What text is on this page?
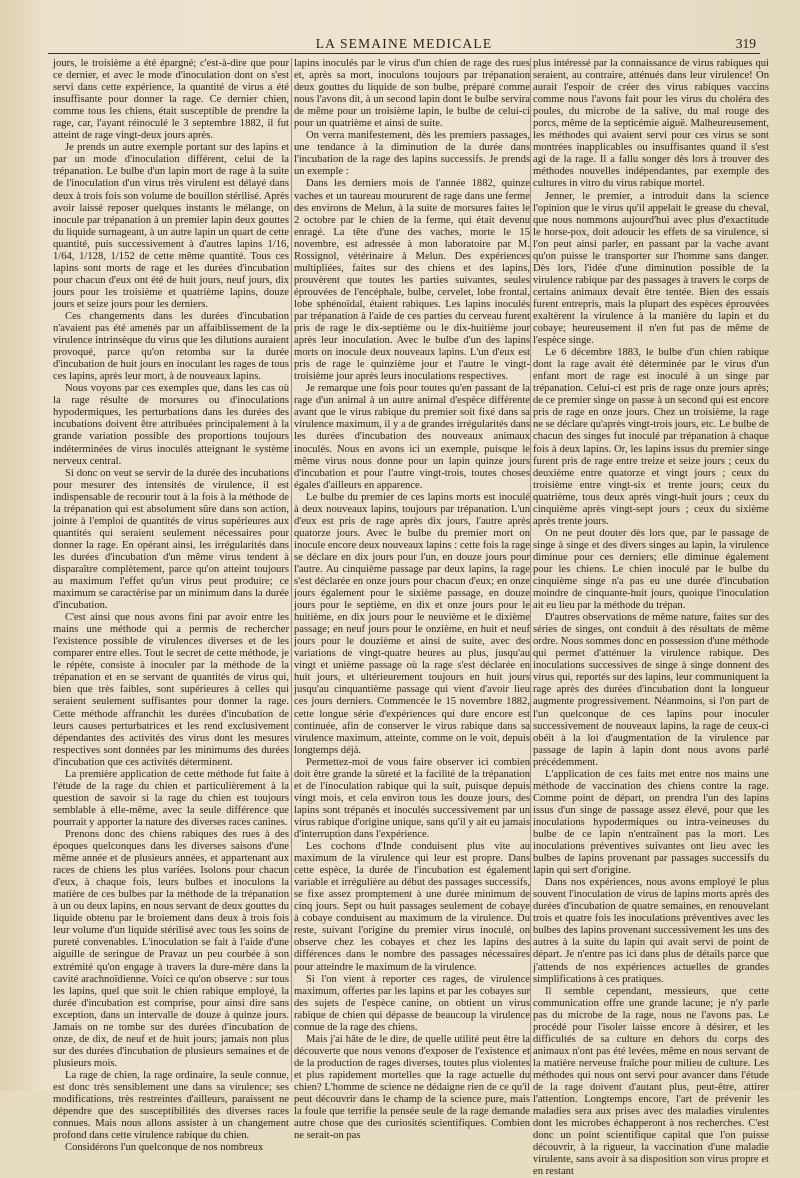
LA SEMAINE MEDICALE	319

jours, le troisième a été épargné; c'est-à-dire que pour ce dernier, et avec le mode d'inoculation dont on s'est servi dans cette expérience, la quantité de virus a été insuffisante pour donner la rage. Ce dernier chien, comme tous les chiens, était susceptible de prendre la rage, car, l'ayant réinoculé le 3 septembre 1882, il fut atteint de rage vingt-deux jours après.

Je prends un autre exemple portant sur des lapins et par un mode d'inoculation différent, celui de la trépanation. Le bulbe d'un lapin mort de rage à la suite de l'inoculation d'un virus très virulent est délayé dans deux à trois fois son volume de bouillon stérilisé. Après avoir laissé reposer quelques instants le mélange, on inocule par trépanation à un premier lapin deux gouttes du liquide surnageant, à un autre lapin un quart de cette quantité, puis successivement à d'autres lapins 1/16, 1/64, 1/128, 1/152 de cette même quantité. Tous ces lapins sont morts de rage et les durées d'incubation pour chacun d'eux ont été de huit jours, neuf jours, dix jours pour les troisième et quatrième lapins, douze jours et seize jours pour les derniers.

Ces changements dans les durées d'incubation n'avaient pas été amenés par un affaiblissement de la virulence intrinsèque du virus que les dilutions auraient provoqué, parce qu'on retomba sur la durée d'incubation de huit jours en inoculant les rages de tous ces lapins, après leur mort, à de nouveaux lapins.

Nous voyons par ces exemples que, dans les cas où la rage résulte de morsures ou d'inoculations hypodermiques, les perturbations dans les durées des incubations doivent être attribuées principalement à la grande variation possible des proportions toujours indéterminées de virus inoculés atteignant le système nerveux central.

Si donc on veut se servir de la durée des incubations pour mesurer des intensités de virulence, il est indispensable de recourir tout à la fois à la méthode de la trépanation qui est absolument sûre dans son action, jointe à l'emploi de quantités de virus supérieures aux quantités qui seraient seulement nécessaires pour donner la rage. En opérant ainsi, les irrégularités dans les durées d'incubation d'un même virus tendent à disparaître complètement, parce qu'on atteint toujours au maximum l'effet qu'un virus peut produire; ce maximum se caractérise par un minimum dans la durée d'incubation.

C'est ainsi que nous avons fini par avoir entre les mains une méthode qui a permis de rechercher l'existence possible de virulences diverses et de les comparer entre elles. Tout le secret de cette méthode, je le répète, consiste à inoculer par la méthode de la trépanation et en se servant de quantités de virus qui, bien que très faibles, sont supérieures à celles qui seraient seulement suffisantes pour donner la rage. Cette méthode affranchit les durées d'incubation de leurs causes perturbatrices et les rend exclusivement dépendantes des activités des virus dont les mesures respectives sont données par les minimums des durées d'incubation que ces activités déterminent.

La première application de cette méthode fut faite à l'étude de la rage du chien et particulièrement à la question de savoir si la rage du chien est toujours semblable à elle-même, avec la seule différence que pourrait y apporter la nature des diverses races canines.

Prenons donc des chiens rabiques des rues à des époques quelconques dans les diverses saisons d'une même année et de plusieurs années, et appartenant aux races de chiens les plus variées. Isolons pour chacun d'eux, à chaque fois, leurs bulbes et inoculons la matière de ces bulbes par la méthode de la trépanation à un ou deux lapins, en nous servant de deux gouttes du liquide obtenu par le broiement dans deux à trois fois leur volume d'un liquide stérilisé avec tous les soins de pureté convenables. L'inoculation se fait à l'aide d'une aiguille de seringue de Pravaz un peu courbée à son extrémité qu'on engage à travers la dure-mère dans la cavité arachnoïdienne. Voici ce qu'on observe : sur tous les lapins, quel que soit le chien rabique employé, la durée d'incubation est comprise, pour ainsi dire sans exception, dans un intervalle de douze à quinze jours. Jamais on ne tombe sur des durées d'incubation de onze, de dix, de neuf et de huit jours; jamais non plus sur des durées d'incubation de plusieurs semaines et de plusieurs mois.

La rage de chien, la rage ordinaire, la seule connue, est donc très sensiblement une dans sa virulence; ses modifications, très restreintes d'ailleurs, paraissent ne dépendre que des susceptibilités des diverses races connues. Mais nous allons assister à un changement profond dans cette virulence rabique du chien.

Considérons l'un quelconque de nos nombreux

lapins inoculés par le virus d'un chien de rage des rues et, après sa mort, inoculons toujours par trépanation deux gouttes du liquide de son bulbe, préparé comme nous l'avons dit, à un second lapin dont le bulbe servira de même pour un troisième lapin, le bulbe de celui-ci pour un quatrième et ainsi de suite.

On verra manifestement, dès les premiers passages, une tendance à la diminution de la durée dans l'incubation de la rage des lapins successifs. Je prends un exemple :

Dans les derniers mois de l'année 1882, quinze vaches et un taureau moururent de rage dans une ferme des environs de Melun, à la suite de morsures faites le 2 octobre par le chien de la ferme, qui était devenu enragé. La tête d'une des vaches, morte le 15 novembre, est adressée à mon laboratoire par M. Rossignol, vétérinaire à Melun. Des expériences multipliées, faites sur des chiens et des lapins, prouvèrent que toutes les parties suivantes, seules éprouvées de l'encéphale, bulbe, cervelet, lobe frontal, lobe sphénoïdal, étaient rabiques. Les lapins inoculés par trépanation à l'aide de ces parties du cerveau furent pris de rage le dix-septième ou le dix-huitième jour après leur inoculation. Avec le bulbe d'un des lapins morts on inocule deux nouveaux lapins. L'un d'eux est pris de rage le quinzième jour et l'autre le vingt-troisième jour après leurs inoculations respectives.

Je remarque une fois pour toutes qu'en passant de la rage d'un animal à un autre animal d'espèce différente avant que le virus rabique du premier soit fixé dans sa virulence maximum, il y a de grandes irrégularités dans les durées d'incubation des nouveaux animaux inoculés. Nous en avons ici un exemple, puisque le même virus nous donne pour un lapin quinze jours d'incubation et pour l'autre vingt-trois, toutes choses égales d'ailleurs en apparence.

Le bulbe du premier de ces lapins morts est inoculé à deux nouveaux lapins, toujours par trépanation. L'un d'eux est pris de rage après dix jours, l'autre après quatorze jours. Avec le bulbe du premier mort on inocule encore deux nouveaux lapins : cette fois la rage se déclare en dix jours pour l'un, en douze jours pour l'autre. Au cinquième passage par deux lapins, la rage s'est déclarée en onze jours pour chacun d'eux; en onze jours également pour le sixième passage, en douze jours pour le septième, en dix et onze jours pour le huitième, en dix jours pour le neuvième et le dixième passage; en neuf jours pour le onzième, en huit et neuf jours pour le douzième et ainsi de suite, avec des variations de vingt-quatre heures au plus, jusqu'au vingt et unième passage où la rage s'est déclarée en huit jours, et ultérieurement toujours en huit jours jusqu'au cinquantième passage qui vient d'avoir lieu ces jours derniers. Commencée le 15 novembre 1882, cette longue série d'expériences qui dure encore est continuée, afin de conserver le virus rabique dans sa virulence maximum, atteinte, comme on le voit, depuis longtemps déjà.

Permettez-moi de vous faire observer ici combien doit être grande la sûreté et la facilité de la trépanation et de l'inoculation rabique qui la suit, puisque depuis vingt mois, et cela environ tous les douze jours, des lapins sont trépanés et inoculés successivement par un virus rabique d'origine unique, sans qu'il y ait eu jamais d'interruption dans l'expérience.

Les cochons d'Inde conduisent plus vite au maximum de la virulence qui leur est propre. Dans cette espèce, la durée de l'incubation est également variable et irrégulière au début des passages successifs, se fixe assez promptement à une durée minimum de cinq jours. Sept ou huit passages seulement de cobaye à cobaye conduisent au maximum de la virulence. Du reste, suivant l'origine du premier virus inoculé, on observe chez les cobayes et chez les lapins des différences dans le nombre des passages nécessaires pour atteindre le maximum de la virulence.

Si l'on vient à reporter ces rages, de virulence maximum, offertes par les lapins et par les cobayes sur des sujets de l'espèce canine, on obtient un virus rabique de chien qui dépasse de beaucoup la virulence connue de la rage des chiens.

Mais j'ai hâte de le dire, de quelle utilité peut être la découverte que nous venons d'exposer de l'existence et de la production de rages diverses, toutes plus violentes et plus rapidement mortelles que la rage actuelle du chien? L'homme de science ne dédaigne rien de ce qu'il peut découvrir dans le champ de la science pure, mais la foule que terrifie la pensée seule de la rage demande autre chose que des curiosités scientifiques. Combien ne serait-on pas

plus intéressé par la connaissance de virus rabiques qui seraient, au contraire, atténués dans leur virulence! On aurait l'espoir de créer des virus rabiques vaccins comme nous l'avons fait pour les virus du choléra des poules, du microbe de la salive, du mal rouge des porcs, même de la septicémie aiguë. Malheureusement, les méthodes qui avaient servi pour ces virus se sont montrées inapplicables ou insuffisantes quand il s'est agi de la rage. Il a fallu songer dès lors à trouver des méthodes nouvelles indépendantes, par exemple des cultures in vitro du virus rabique mortel.

Jenner, le premier, a introduit dans la science l'opinion que le virus qu'il appelait le grease du cheval, que nous nommons aujourd'hui avec plus d'exactitude le horse-pox, doit adoucir les effets de sa virulence, si l'on peut ainsi parler, en passant par la vache avant qu'on puisse le transporter sur l'homme sans danger. Dès lors, l'idée d'une diminution possible de la virulence rabique par des passages à travers le corps de certains animaux devait être tentée. Bien des essais furent entrepris, mais la plupart des espèces éprouvées exaltèrent la virulence à la manière du lapin et du cobaye; heureusement il n'en fut pas de même de l'espèce singe.

Le 6 décembre 1883, le bulbe d'un chien rabique dont la rage avait été déterminée par le virus d'un enfant mort de rage est inoculé à un singe par trépanation. Celui-ci est pris de rage onze jours après; de ce premier singe on passe à un second qui est encore pris de rage en onze jours. Chez un troisième, la rage ne se déclare qu'après vingt-trois jours, etc. Le bulbe de chacun des singes fut inoculé par trépanation à chaque fois à deux lapins. Or, les lapins issus du premier singe furent pris de rage entre treize et seize jours ; ceux du deuxième entre quatorze et vingt jours ; ceux du troisième entre vingt-six et trente jours; ceux du quatrième, tous deux après vingt-huit jours ; ceux du cinquième après vingt-sept jours ; ceux du sixième après trente jours.

On ne peut douter dès lors que, par le passage de singe à singe et des divers singes au lapin, la virulence diminue pour ces derniers; elle diminue également pour les chiens. Le chien inoculé par le bulbe du cinquième singe n'a pas eu une durée d'incubation moindre de cinquante-huit jours, quoique l'inoculation ait eu lieu par la méthode du trépan.

D'autres observations de même nature, faites sur des séries de singes, ont conduit à des résultats de même ordre. Nous sommes donc en possession d'une méthode qui permet d'atténuer la virulence rabique. Des inoculations successives de singe à singe donnent des virus qui, reportés sur des lapins, leur communiquent la rage après des durées d'incubation dont la longueur augmente progressivement. Néanmoins, si l'on part de l'un quelconque de ces lapins pour inoculer successivement de nouveaux lapins, la rage de ceux-ci obéit à la loi d'augmentation de la virulence par passage de lapin à lapin dont nous avons parlé précédemment.

L'application de ces faits met entre nos mains une méthode de vaccination des chiens contre la rage. Comme point de départ, on prendra l'un des lapins issus d'un singe de passage assez élevé, pour que les inoculations hypodermiques ou intra-veineuses du bulbe de ce lapin n'entraînent pas la mort. Les inoculations préventives suivantes ont lieu avec les bulbes de lapins provenant par passages successifs du lapin qui sert d'origine.

Dans nos expériences, nous avons employé le plus souvent l'inoculation de virus de lapins morts après des durées d'incubation de quatre semaines, en renouvelant trois et quatre fois les inoculations préventives avec les bulbes des lapins provenant successivement les uns des autres à la suite du lapin qui avait servi de point de départ. Je n'entre pas ici dans plus de détails parce que j'attends de nos expériences actuelles de grandes simplifications à ces pratiques.

Il semble cependant, messieurs, que cette communication offre une grande lacune; je n'y parle pas du microbe de la rage, nous ne l'avons pas. Le procédé pour l'isoler laisse encore à désirer, et les difficultés de sa culture en dehors du corps des animaux n'ont pas été levées, même en nous servant de la matière nerveuse fraîche pour milieu de culture. Les méthodes qui nous ont servi pour avancer dans l'étude de la rage doivent d'autant plus, peut-être, attirer l'attention. Longtemps encore, l'art de prévenir les maladies sera aux prises avec des maladies virulentes dont les microbes échapperont à nos recherches. C'est donc un point scientifique capital que l'on puisse découvrir, à la rigueur, la vaccination d'une maladie virulente, sans avoir à sa disposition son virus propre et en restant
